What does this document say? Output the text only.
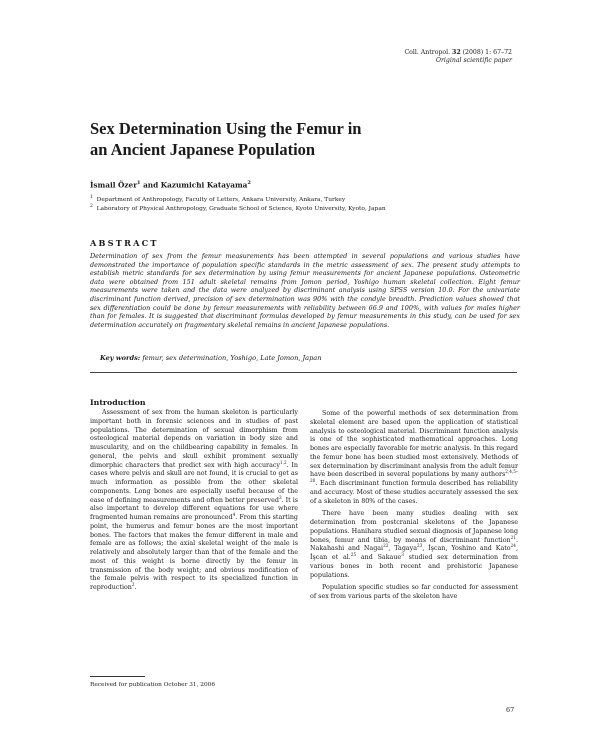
Coll. Antropol. 32 (2008) 1: 67–72
Original scientific paper
Sex Determination Using the Femur in
an Ancient Japanese Population
İsmail Özer$^1$ and Kazumichi Katayama$^2$
$^1$ Department of Anthropology, Faculty of Letters, Ankara University, Ankara, Turkey
$^2$ Laboratory of Physical Anthropology, Graduate School of Science, Kyoto University, Kyoto, Japan
ABSTRACT
Determination of sex from the femur measurements has been attempted in several populations and various studies have demonstrated the importance of population specific standards in the metric assessment of sex. The present study attempts to establish metric standards for sex determination by using femur measurements for ancient Japanese populations. Osteometric data were obtained from 151 adult skeletal remains from Jomon period, Yoshigo human skeletal collection. Eight femur measurements were taken and the data were analyzed by discriminant analysis using SPSS version 10.0. For the univariate discriminant function derived, precision of sex determination was 90% with the condyle breadth. Prediction values showed that sex differentiation could be done by femur measurements with reliability between 66.9 and 100%, with values for males higher than for females. It is suggested that discriminant formulas developed by femur measurements in this study, can be used for sex determination accurately on fragmentary skeletal remains in ancient Japanese populations.
Key words: femur, sex determination, Yoshigo, Late Jomon, Japan
Introduction

Assessment of sex from the human skeleton is particularly important both in forensic sciences and in studies of past populations. The determination of sexual dimorphism from osteological material depends on variation in body size and muscularity, and on the childbearing capability in females. In general, the pelvis and skull exhibit prominent sexually dimorphic characters that predict sex with high accuracy$^{1,2}$. In cases where pelvis and skull are not found, it is crucial to get as much information as possible from the other skeletal components. Long bones are especially useful because of the ease of defining measurements and often better preserved$^3$. It is also important to develop different equations for use where fragmented human remains are pronounced$^4$. From this starting point, the humerus and femur bones are the most important bones. The factors that makes the femur different in male and female are as follows; the axial skeletal weight of the male is relatively and absolutely larger than that of the female and the most of this weight is borne directly by the femur in transmission of the body weight; and obvious modification of the female pelvis with respect to its specialized function in reproduction$^2$.

Some of the powerful methods of sex determination from skeletal element are based upon the application of statistical analysis to osteological material. Discriminant function analysis is one of the sophisticated mathematical approaches. Long bones are especially favorable for metric analysis. In this regard the femur bone has been studied most extensively. Methods of sex determination by discriminant analysis from the adult femur have been described in several populations by many authors$^{2,4,5-20}$. Each discriminant function formula described has reliability and accuracy. Most of these studies accurately assessed the sex of a skeleton in 80% of the cases.

There have been many studies dealing with sex determination from postcranial skeletons of the Japanese populations. Hanihara studied sexual diagnosis of Japanese long bones, femur and tibia, by means of discriminant function$^{21}$. Nakahashi and Nagai$^{22}$, Tagaya$^{23}$, İşcan, Yoshino and Kato$^{24}$, İşcan et al.$^{25}$ and Sakaue$^3$ studied sex determination from various bones in both recent and prehistoric Japanese populations.

Population specific studies so far conducted for assessment of sex from various parts of the skeleton have

Received for publication October 31, 2006
67
